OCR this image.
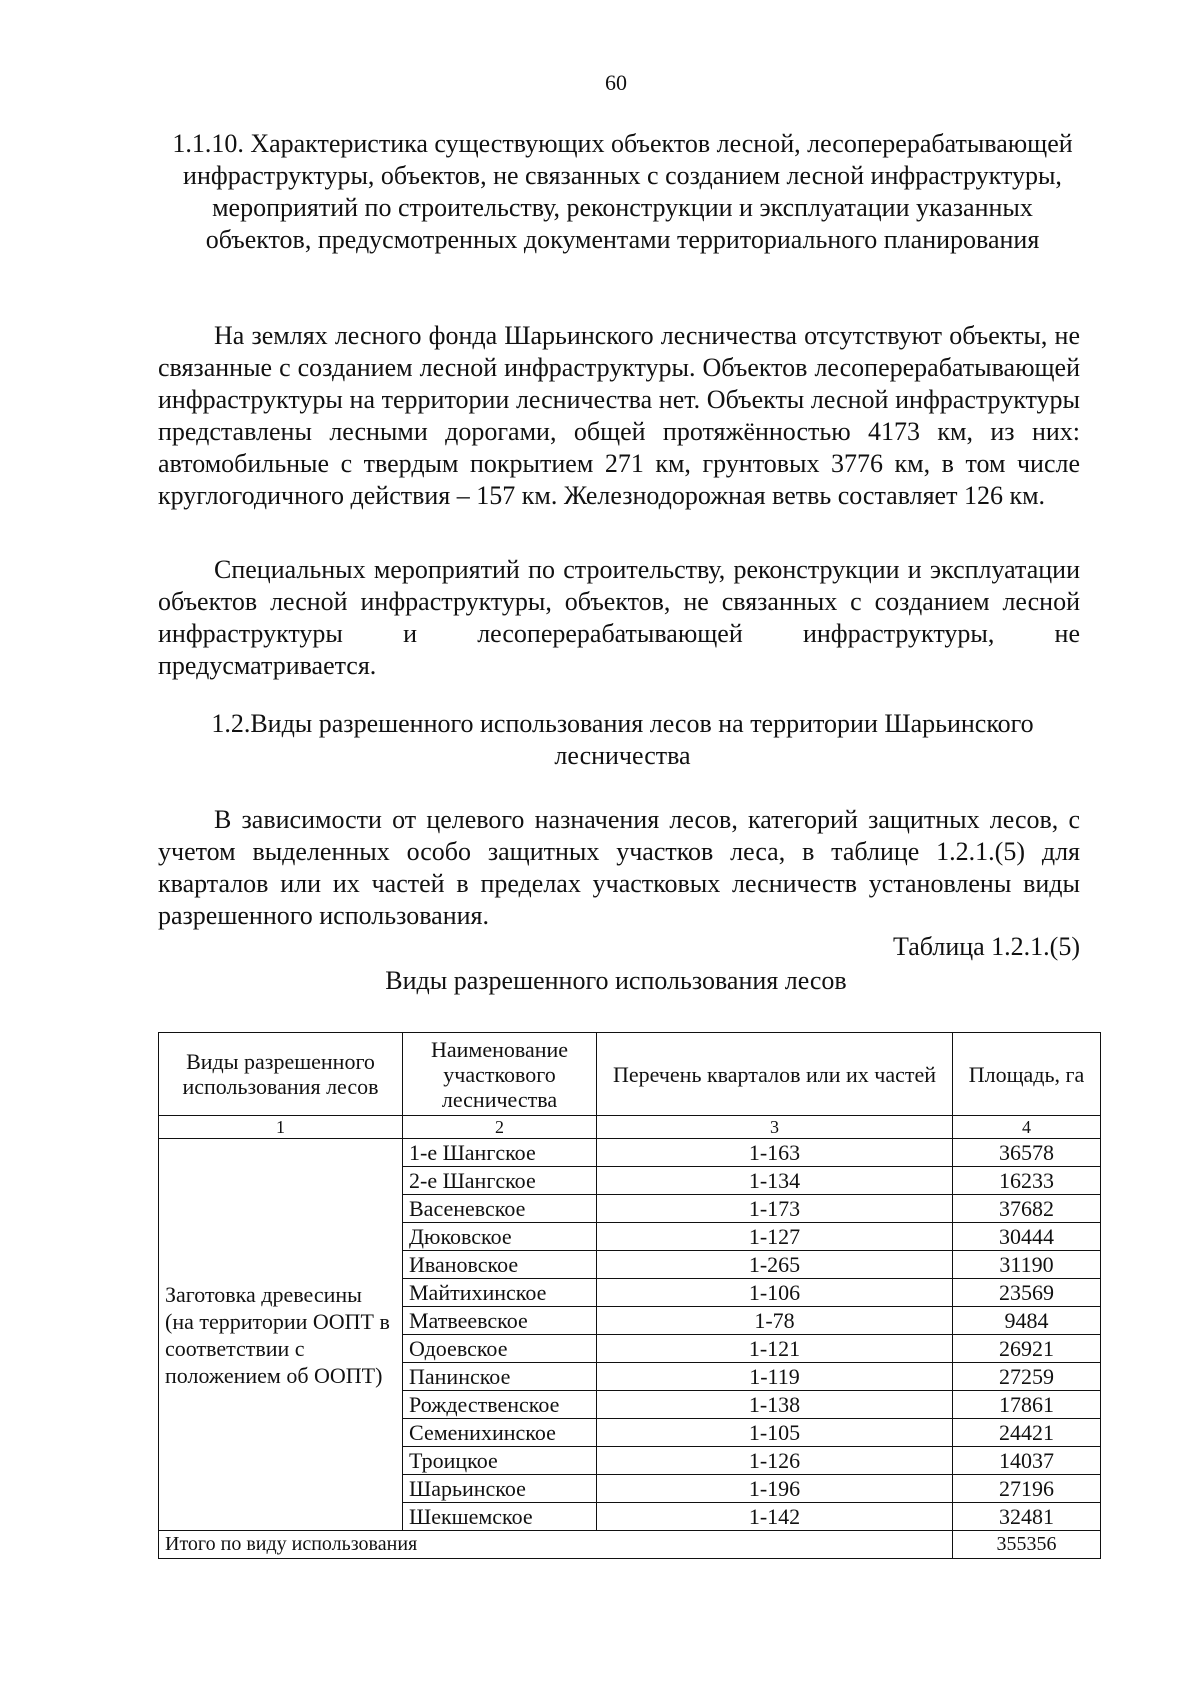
60
1.1.10. Характеристика существующих объектов лесной, лесоперерабатывающей инфраструктуры, объектов, не связанных с созданием лесной инфраструктуры, мероприятий по строительству, реконструкции и эксплуатации указанных объектов, предусмотренных документами территориального планирования

На землях лесного фонда Шарьинского лесничества отсутствуют объекты, не связанные с созданием лесной инфраструктуры. Объектов лесоперерабатывающей инфраструктуры на территории лесничества нет. Объекты лесной инфраструктуры представлены лесными дорогами, общей протяжённостью 4173 км, из них: автомобильные с твердым покрытием 271 км, грунтовых 3776 км, в том числе круглогодичного действия – 157 км. Железнодорожная ветвь составляет 126 км.

Специальных мероприятий по строительству, реконструкции и эксплуатации объектов лесной инфраструктуры, объектов, не связанных с созданием лесной инфраструктуры и лесоперерабатывающей инфраструктуры, не предусматривается.

1.2.Виды разрешенного использования лесов на территории Шарьинского лесничества

В зависимости от целевого назначения лесов, категорий защитных лесов, с учетом выделенных особо защитных участков леса, в таблице 1.2.1.(5) для кварталов или их частей в пределах участковых лесничеств установлены виды разрешенного использования.

Таблица 1.2.1.(5)
Виды разрешенного использования лесов
Виды разрешенного использования лесов	Наименование участкового лесничества	Перечень кварталов или их частей	Площадь, га
1	2	3	4
Заготовка древесины (на территории ООПТ в соответствии с положением об ООПТ)	1-е Шангское	1-163	36578
	2-е Шангское	1-134	16233
	Васеневское	1-173	37682
	Дюковское	1-127	30444
	Ивановское	1-265	31190
	Майтихинское	1-106	23569
	Матвеевское	1-78	9484
	Одоевское	1-121	26921
	Панинское	1-119	27259
	Рождественское	1-138	17861
	Семенихинское	1-105	24421
	Троицкое	1-126	14037
	Шарьинское	1-196	27196
	Шекшемское	1-142	32481
Итого по виду использования			355356
